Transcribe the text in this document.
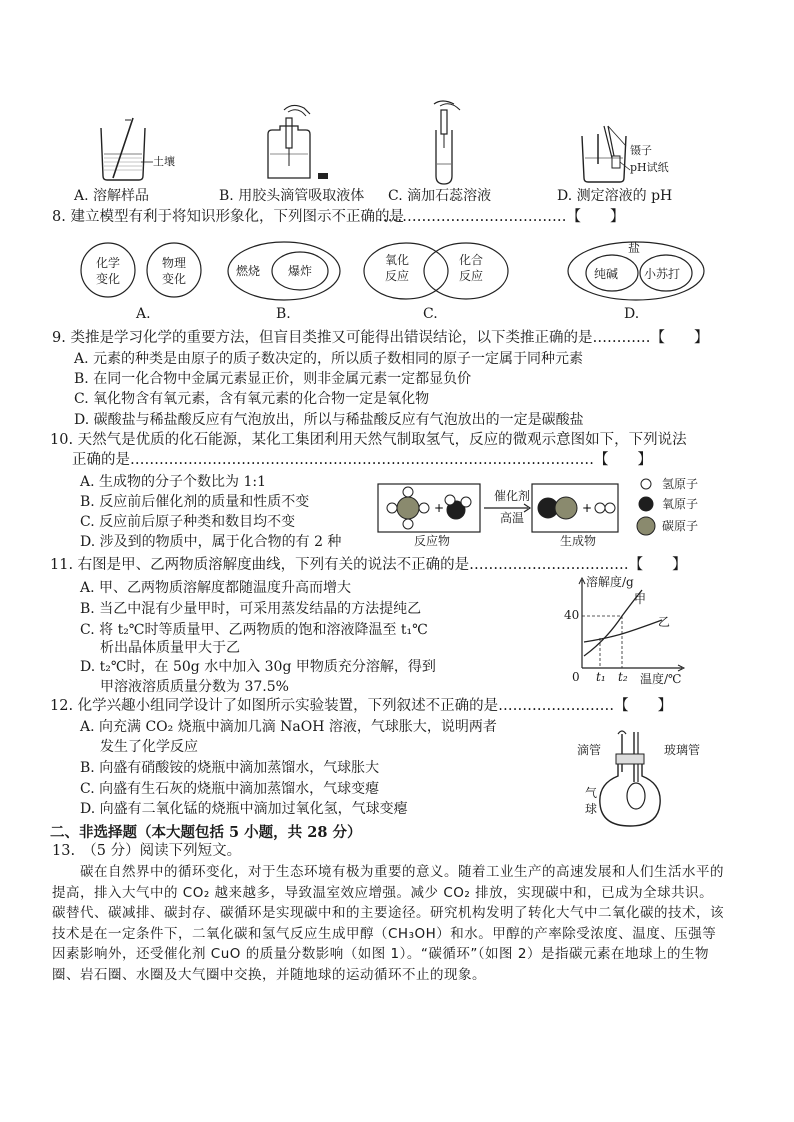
土壤
镊子
pH试纸
A. 溶解样品	B. 用胶头滴管吸取液体 C. 滴加石蕊溶液	D. 测定溶液的 pH
8. 建立模型有利于将知识形象化，下列图示不正确的是
…………………………………【　　】
化学
变化
物理
变化
燃烧 爆炸
氧化
反应
化合
反应
盐
纯碱 小苏打
A.	B.	C.	D.
9. 类推是学习化学的重要方法，但盲目类推又可能得出错误结论，以下类推正确的是…………【　　】
A. 元素的种类是由原子的质子数决定的，所以质子数相同的原子一定属于同种元素
B. 在同一化合物中金属元素显正价，则非金属元素一定都显负价
C. 氧化物含有氧元素，含有氧元素的化合物一定是氧化物
D. 碳酸盐与稀盐酸反应有气泡放出，所以与稀盐酸反应有气泡放出的一定是碳酸盐
10. 天然气是优质的化石能源，某化工集团利用天然气制取氢气，反应的微观示意图如下，下列说法
正确的是……………………………………………………………………………………【　　】
A. 生成物的分子个数比为 1:1
B. 反应前后催化剂的质量和性质不变
C. 反应前后原子种类和数目均不变
D. 涉及到的物质中，属于化合物的有 2 种
+	+
催化剂
高温
反应物	生成物
氢原子
氧原子
碳原子
11. 右图是甲、乙两物质溶解度曲线，下列有关的说法不正确的是……………………………【　　】
A. 甲、乙两物质溶解度都随温度升高而增大
B. 当乙中混有少量甲时，可采用蒸发结晶的方法提纯乙
C. 将 t₂℃时等质量甲、乙两物质的饱和溶液降温至 t₁℃
析出晶体质量甲大于乙
D. t₂℃时，在 50g 水中加入 30g 甲物质充分溶解，得到
甲溶液溶质质量分数为 37.5%
溶解度/g
40
0 t₁ t₂ 温度/℃
甲
乙
12. 化学兴趣小组同学设计了如图所示实验装置，下列叙述不正确的是……………………【　　】
A. 向充满 CO₂ 烧瓶中滴加几滴 NaOH 溶液，气球胀大，说明两者
发生了化学反应
B. 向盛有硝酸铵的烧瓶中滴加蒸馏水，气球胀大
C. 向盛有生石灰的烧瓶中滴加蒸馏水，气球变瘪
D. 向盛有二氧化锰的烧瓶中滴加过氧化氢，气球变瘪
滴管	玻璃管
气
球
二、非选择题（本大题包括 5 小题，共 28 分）
13.　（5 分）阅读下列短文。
　　碳在自然界中的循环变化，对于生态环境有极为重要的意义。随着工业生产的高速发展和人们生活水平的提高，排入大气中的 CO₂ 越来越多，导致温室效应增强。减少 CO₂ 排放，实现碳中和，已成为全球共识。碳替代、碳减排、碳封存、碳循环是实现碳中和的主要途径。研究机构发明了转化大气中二氧化碳的技术，该技术是在一定条件下，二氧化碳和氢气反应生成甲醇（CH₃OH）和水。甲醇的产率除受浓度、温度、压强等因素影响外，还受催化剂 CuO 的质量分数影响（如图 1）。“碳循环”（如图 2）是指碳元素在地球上的生物圈、岩石圈、水圈及大气圈中交换，并随地球的运动循环不止的现象。
